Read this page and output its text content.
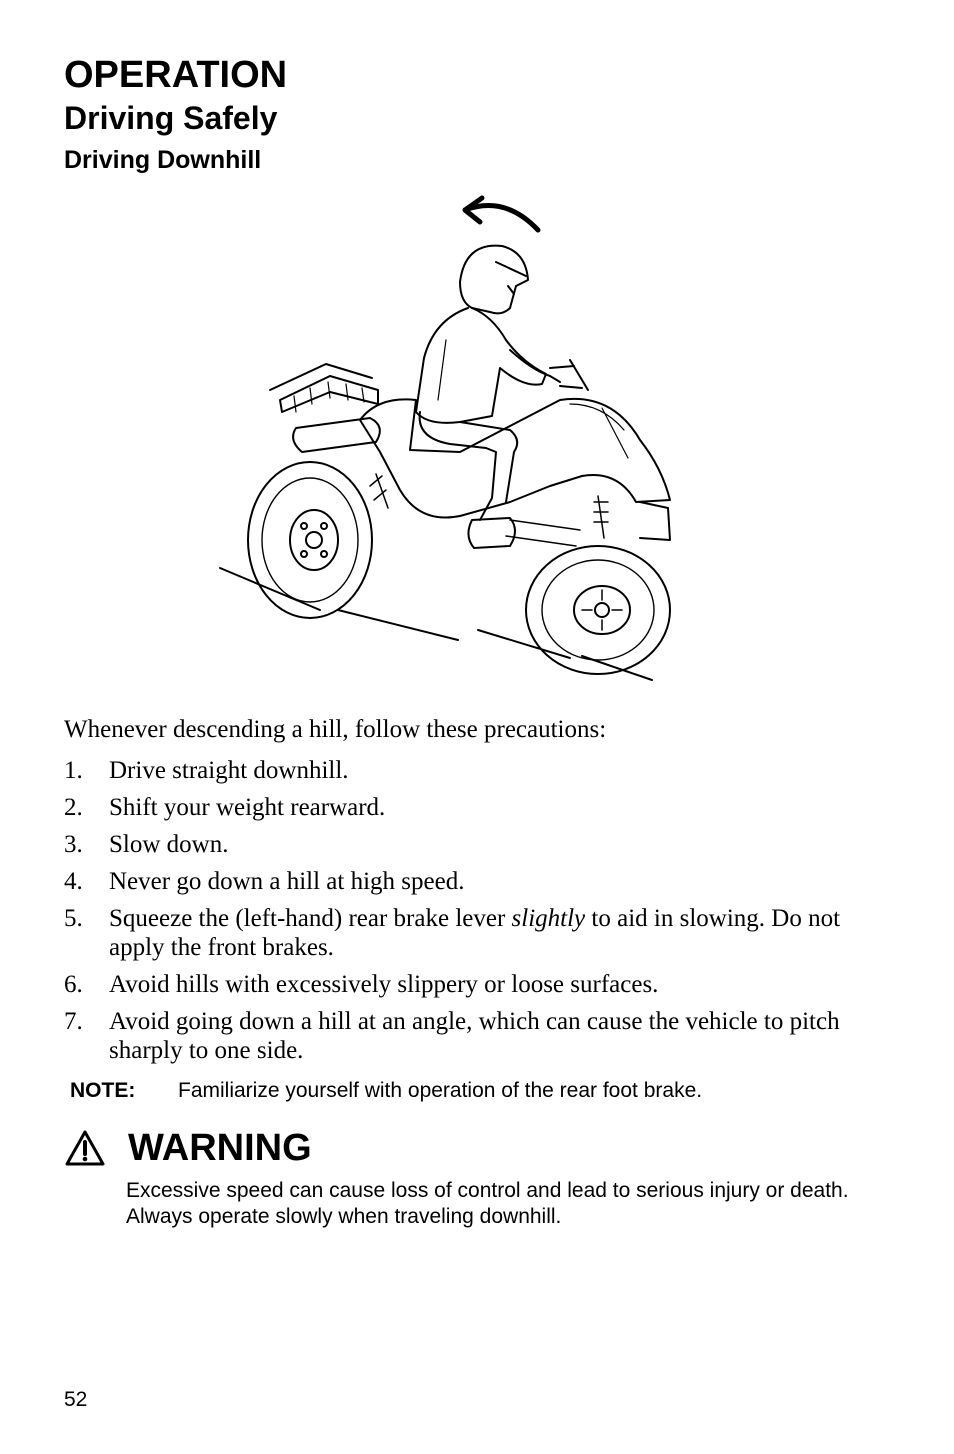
OPERATION
Driving Safely
Driving Downhill

Whenever descending a hill, follow these precautions:

1. Drive straight downhill.
2. Shift your weight rearward.
3. Slow down.
4. Never go down a hill at high speed.
5. Squeeze the (left-hand) rear brake lever slightly to aid in slowing. Do not apply the front brakes.
6. Avoid hills with excessively slippery or loose surfaces.
7. Avoid going down a hill at an angle, which can cause the vehicle to pitch sharply to one side.

NOTE: Familiarize yourself with operation of the rear foot brake.

WARNING

Excessive speed can cause loss of control and lead to serious injury or death. Always operate slowly when traveling downhill.

52
